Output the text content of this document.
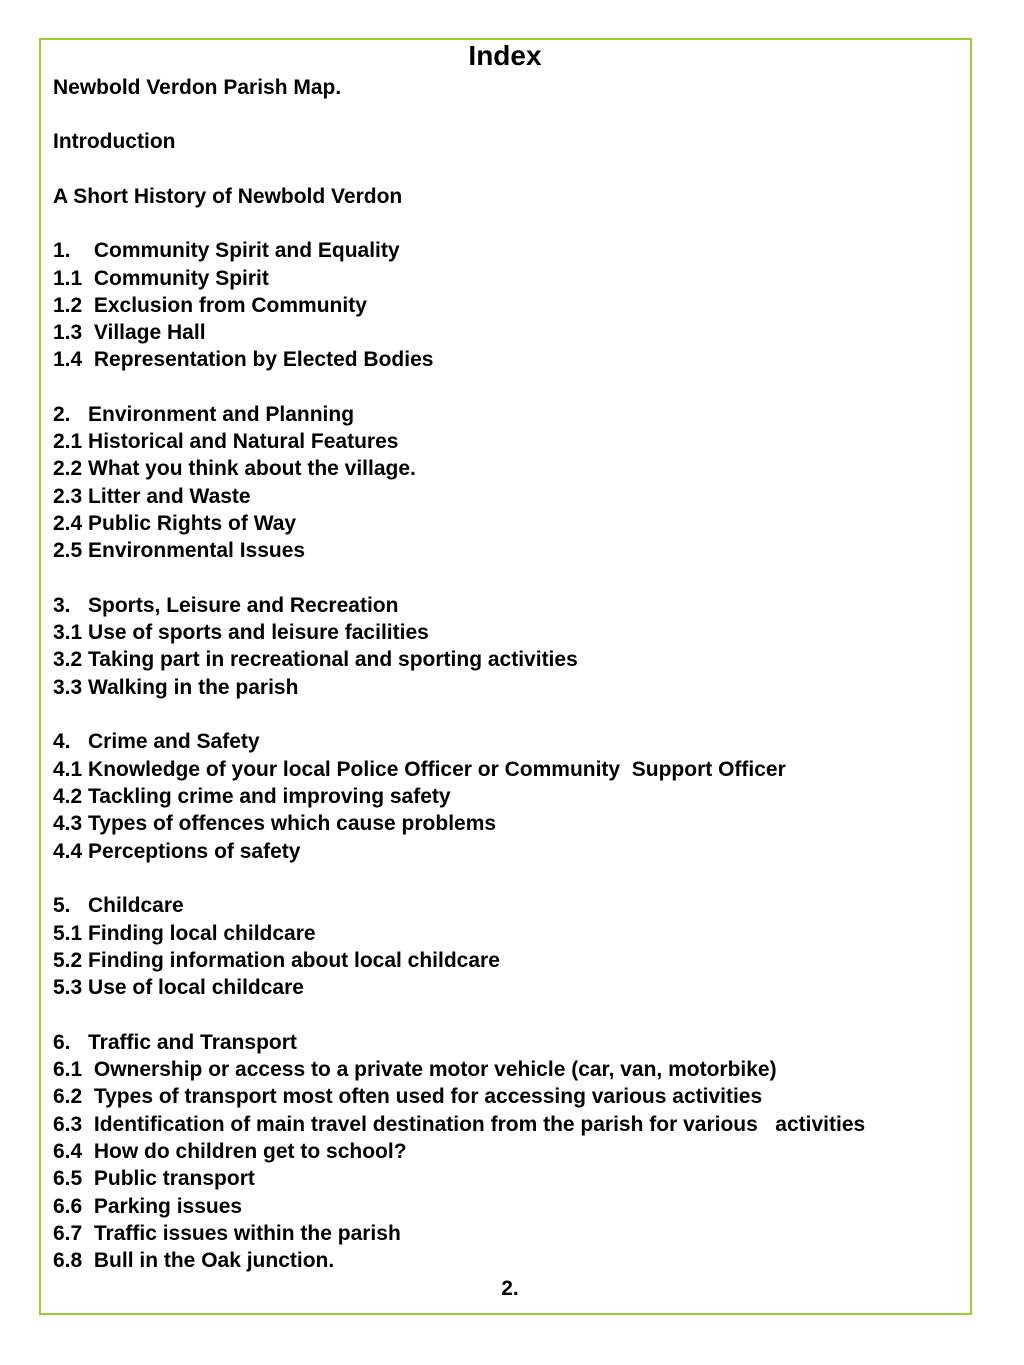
Index
Newbold Verdon Parish Map.
Introduction
A Short History of Newbold Verdon
1.    Community Spirit and Equality
1.1  Community Spirit
1.2  Exclusion from Community
1.3  Village Hall
1.4  Representation by Elected Bodies
2.   Environment and Planning
2.1 Historical and Natural Features
2.2 What you think about the village.
2.3 Litter and Waste
2.4 Public Rights of Way
2.5 Environmental Issues
3.   Sports, Leisure and Recreation
3.1 Use of sports and leisure facilities
3.2 Taking part in recreational and sporting activities
3.3 Walking in the parish
4.   Crime and Safety
4.1 Knowledge of your local Police Officer or Community  Support Officer
4.2 Tackling crime and improving safety
4.3 Types of offences which cause problems
4.4 Perceptions of safety
5.   Childcare
5.1 Finding local childcare
5.2 Finding information about local childcare
5.3 Use of local childcare
6.   Traffic and Transport
6.1  Ownership or access to a private motor vehicle (car, van, motorbike)
6.2  Types of transport most often used for accessing various activities
6.3  Identification of main travel destination from the parish for various   activities
6.4  How do children get to school?
6.5  Public transport
6.6  Parking issues
6.7  Traffic issues within the parish
6.8  Bull in the Oak junction.
2.
